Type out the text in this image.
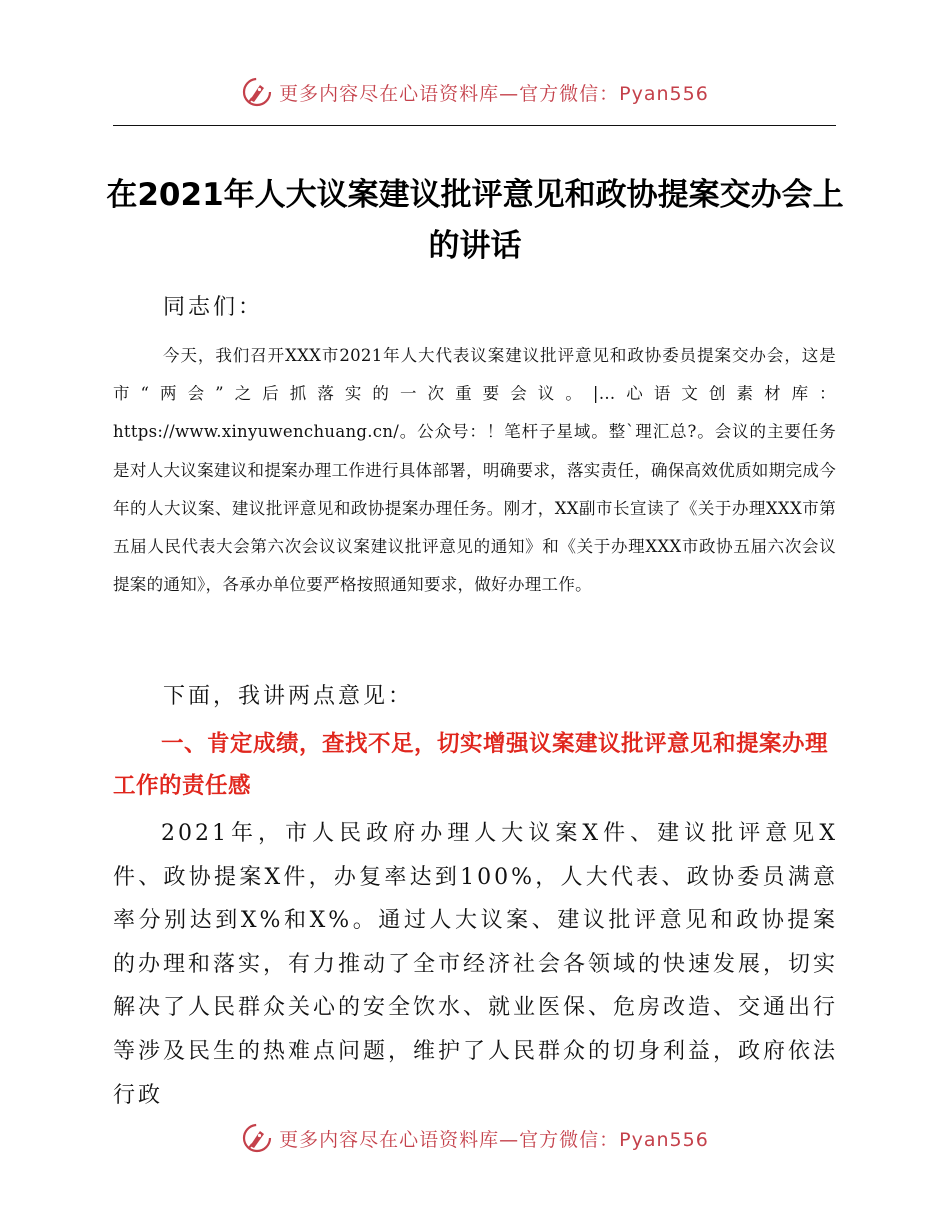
更多内容尽在心语资料库—官方微信：Pyan556
在2021年人大议案建议批评意见和政协提案交办会上的讲话
同志们：
今天，我们召开XXX市2021年人大代表议案建议批评意见和政协委员提案交办会，这是市“两会”之后抓落实的一次重要会议。|…心语文创素材库：https://www.xinyuwenchuang.cn/。公众号：！笔杆子星域。整`理汇总?。会议的主要任务是对人大议案建议和提案办理工作进行具体部署，明确要求，落实责任，确保高效优质如期完成今年的人大议案、建议批评意见和政协提案办理任务。刚才，XX副市长宣读了《关于办理XXX市第五届人民代表大会第六次会议议案建议批评意见的通知》和《关于办理XXX市政协五届六次会议提案的通知》，各承办单位要严格按照通知要求，做好办理工作。
下面，我讲两点意见：
一、肯定成绩，查找不足，切实增强议案建议批评意见和提案办理工作的责任感
2021年，市人民政府办理人大议案X件、建议批评意见X件、政协提案X件，办复率达到100%，人大代表、政协委员满意率分别达到X%和X%。通过人大议案、建议批评意见和政协提案的办理和落实，有力推动了全市经济社会各领域的快速发展，切实解决了人民群众关心的安全饮水、就业医保、危房改造、交通出行等涉及民生的热难点问题，维护了人民群众的切身利益，政府依法行政
更多内容尽在心语资料库—官方微信：Pyan556
